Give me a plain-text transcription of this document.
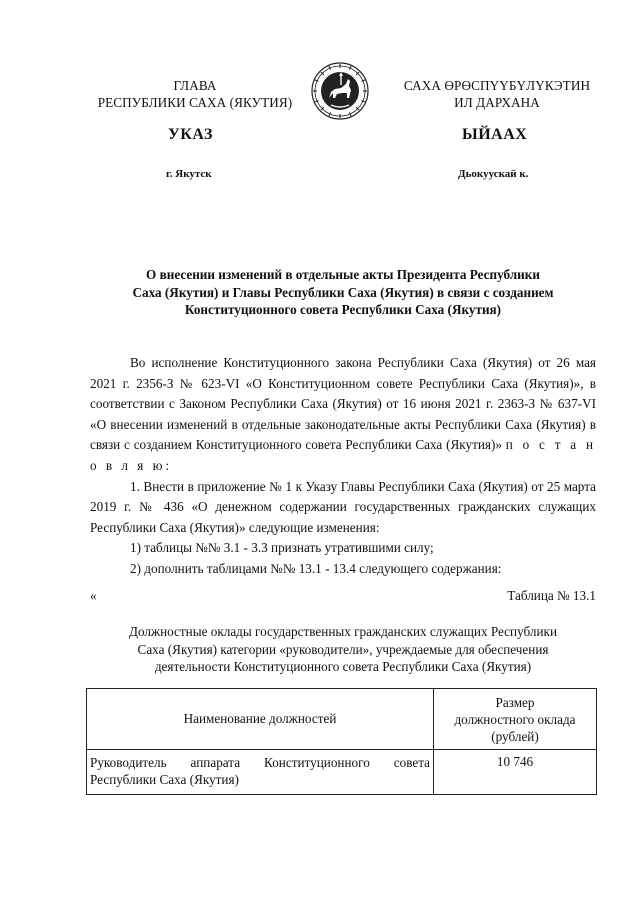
ГЛАВА
РЕСПУБЛИКИ САХА (ЯКУТИЯ)
САХА ӨРӨСПҮҮБҮЛҮКЭТИН
ИЛ ДАРХАНА
УКАЗ	ЫЙААХ
г. Якутск	Дьокуускай к.
О внесении изменений в отдельные акты Президента Республики
Саха (Якутия) и Главы Республики Саха (Якутия) в связи с созданием
Конституционного совета Республики Саха (Якутия)

Во исполнение Конституционного закона Республики Саха (Якутия) от 26 мая 2021 г. 2356-З № 623-VI «О Конституционном совете Республики Саха (Якутия)», в соответствии с Законом Республики Саха (Якутия) от 16 июня 2021 г. 2363-З № 637-VI «О внесении изменений в отдельные законодательные акты Республики Саха (Якутия) в связи с созданием Конституционного совета Республики Саха (Якутия)» п о с т а н о в л я ю:

1. Внести в приложение № 1 к Указу Главы Республики Саха (Якутия) от 25 марта 2019 г. № 436 «О денежном содержании государственных гражданских служащих Республики Саха (Якутия)» следующие изменения:

1) таблицы №№ 3.1 - 3.3 признать утратившими силу;

2) дополнить таблицами №№ 13.1 - 13.4 следующего содержания:

«	Таблица № 13.1
Должностные оклады государственных гражданских служащих Республики
Саха (Якутия) категории «руководители», учреждаемые для обеспечения
деятельности Конституционного совета Республики Саха (Якутия)
Наименование должностей	Размер
должностного оклада
(рублей)

Руководитель аппарата Конституционного совета Республики Саха (Якутия)	10 746
